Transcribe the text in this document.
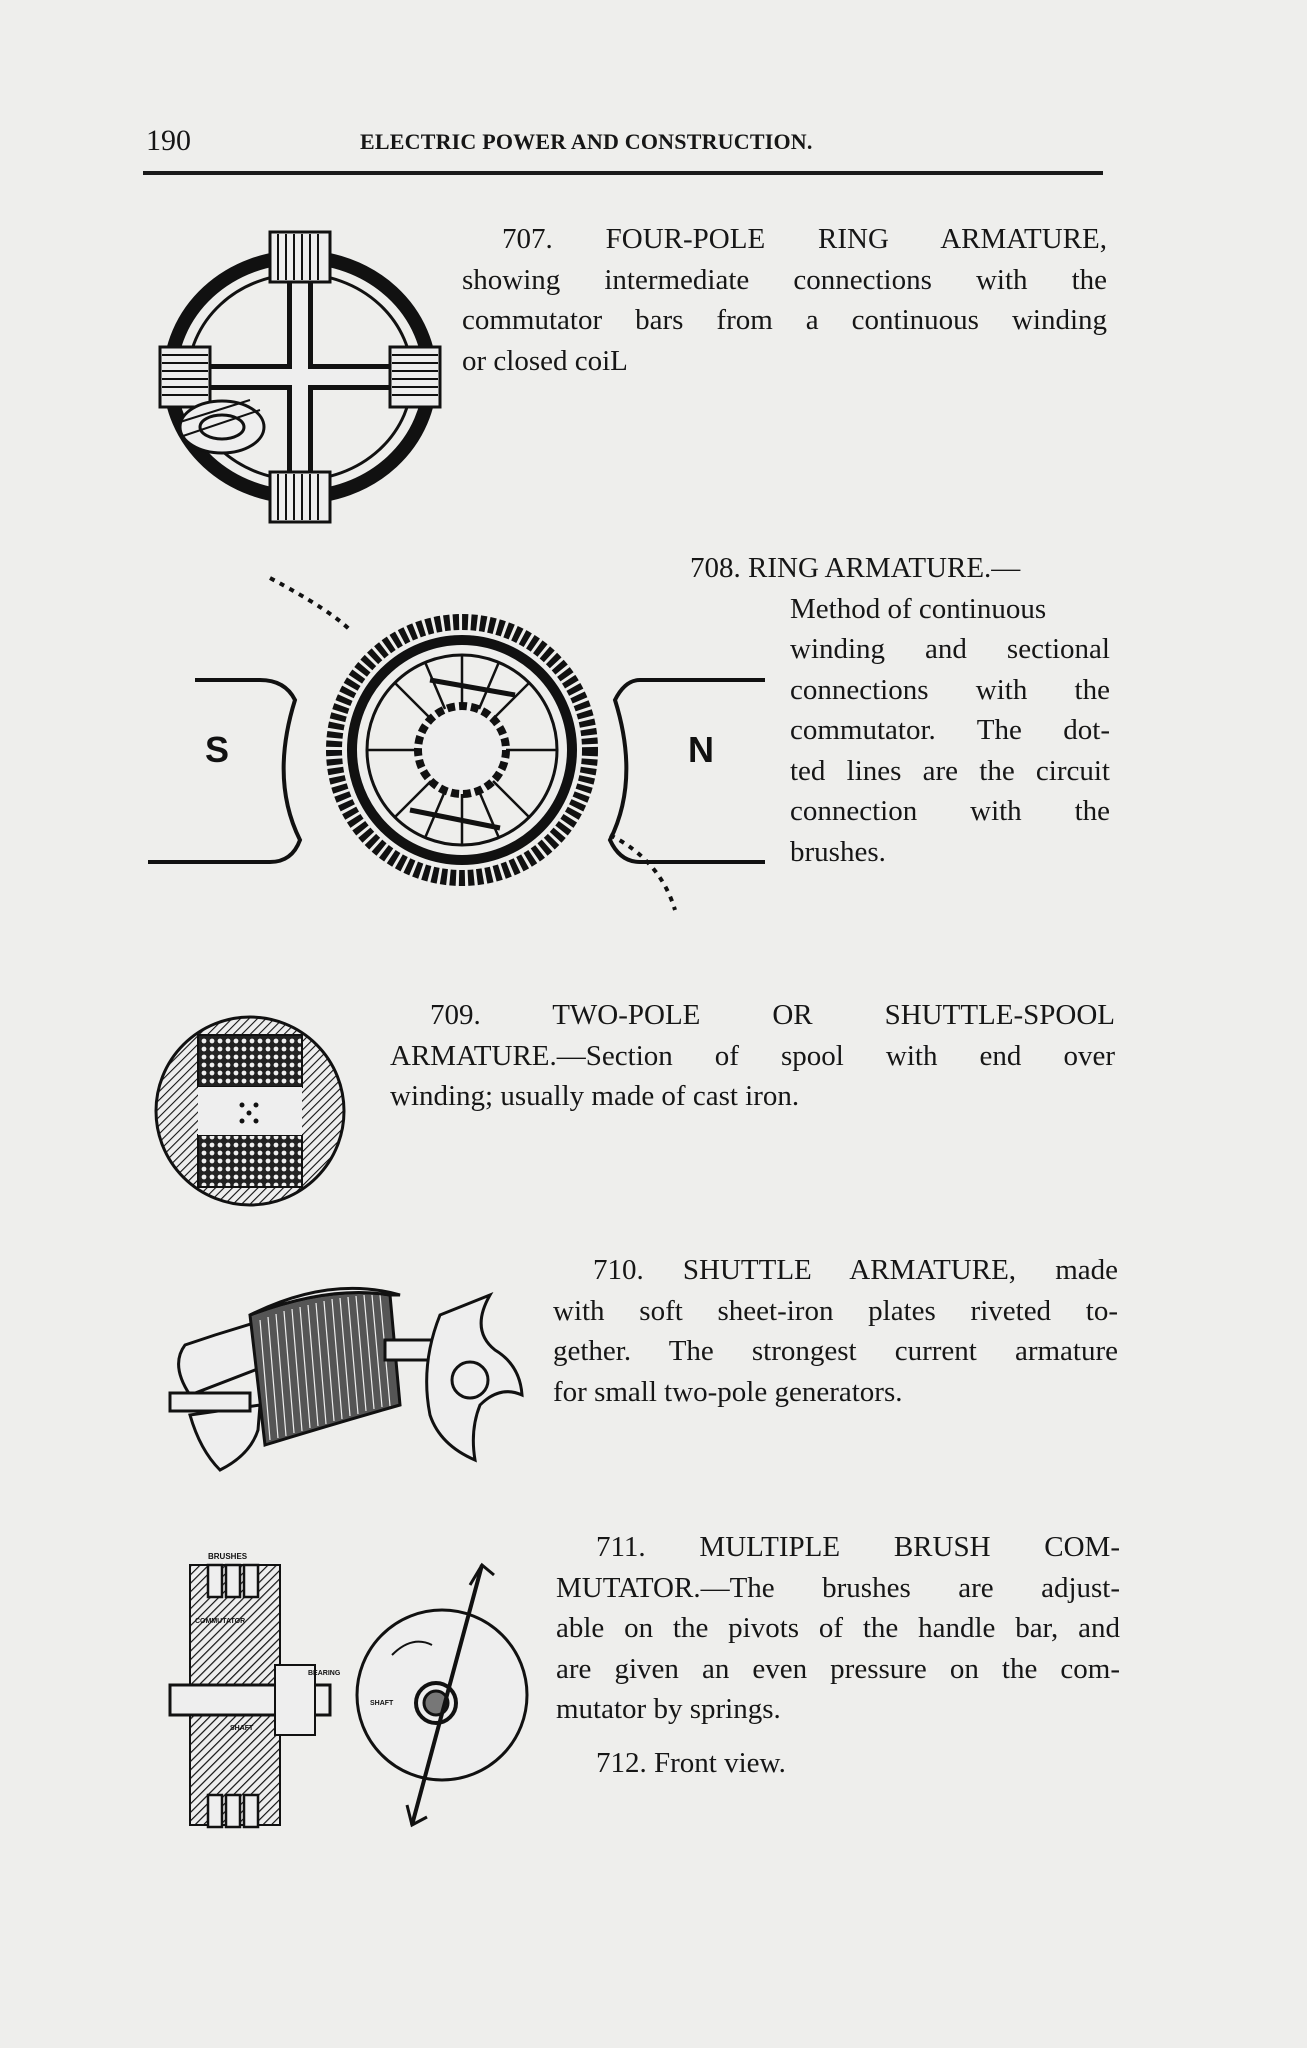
190	ELECTRIC POWER AND CONSTRUCTION.
707. FOUR-POLE RING ARMATURE,
showing intermediate connections with the
commutator bars from a continuous winding
or closed coiL
S	N
708. RING ARMATURE.—
Method of continuous
winding and sectional
connections with the
commutator. The dot-
ted lines are the circuit
connection with the
brushes.
709. TWO-POLE OR SHUTTLE-SPOOL
ARMATURE.—Section of spool with end over
winding; usually made of cast iron.
710. SHUTTLE ARMATURE, made
with soft sheet-iron plates riveted to-
gether. The strongest current armature
for small two-pole generators.
BRUSHES
COMMUTATOR
BEARING
SHAFT
SHAFT
711. MULTIPLE BRUSH COM-
MUTATOR.—The brushes are adjust-
able on the pivots of the handle bar, and
are given an even pressure on the com-
mutator by springs.
712. Front view.
